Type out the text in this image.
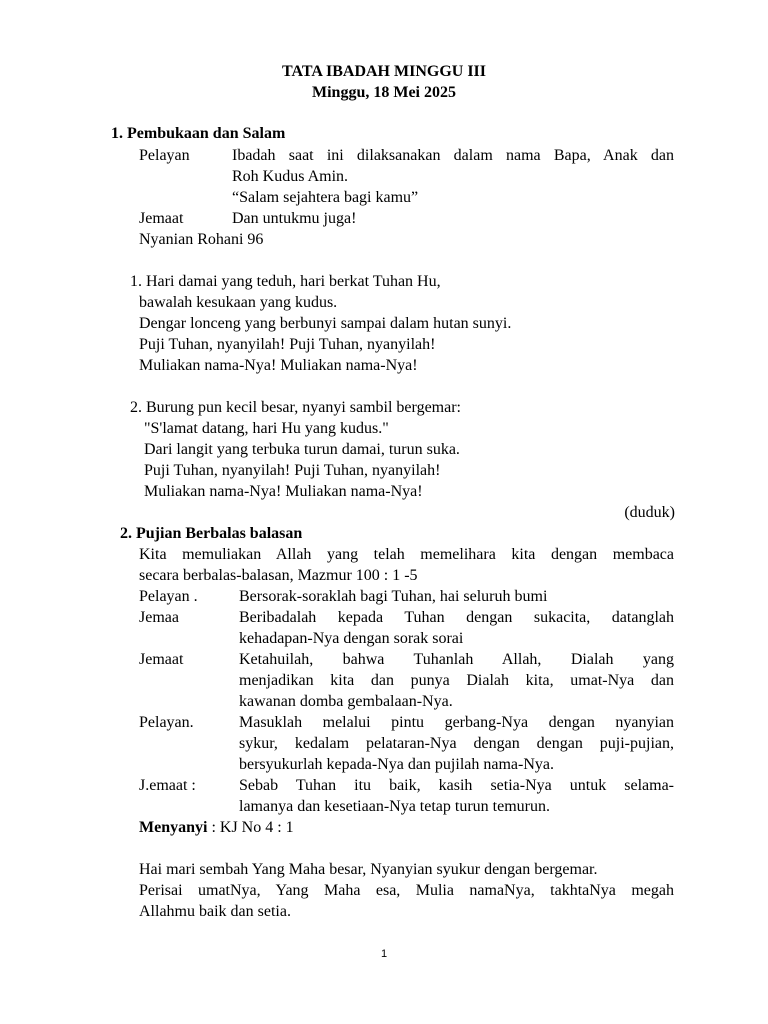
TATA IBADAH MINGGU III
Minggu, 18 Mei 2025
1. Pembukaan dan Salam
Pelayan	Ibadah saat ini dilaksanakan dalam nama Bapa, Anak dan
Roh Kudus Amin.
“Salam sejahtera bagi kamu”
Jemaat	Dan untukmu juga!
Nyanian Rohani 96
1. Hari damai yang teduh, hari berkat Tuhan Hu,
bawalah kesukaan yang kudus.
Dengar lonceng yang berbunyi sampai dalam hutan sunyi.
Puji Tuhan, nyanyilah! Puji Tuhan, nyanyilah!
Muliakan nama-Nya! Muliakan nama-Nya!
2. Burung pun kecil besar, nyanyi sambil bergemar:
"S'lamat datang, hari Hu yang kudus."
Dari langit yang terbuka turun damai, turun suka.
Puji Tuhan, nyanyilah! Puji Tuhan, nyanyilah!
Muliakan nama-Nya! Muliakan nama-Nya!
(duduk)
2. Pujian Berbalas balasan
Kita memuliakan Allah yang telah memelihara kita dengan membaca
secara berbalas-balasan, Mazmur 100 : 1 -5
Pelayan .	Bersorak-soraklah bagi Tuhan, hai seluruh bumi
Jemaa	Beribadalah kepada Tuhan dengan sukacita, datanglah
kehadapan-Nya dengan sorak sorai
Jemaat	Ketahuilah, bahwa Tuhanlah Allah, Dialah yang
menjadikan kita dan punya Dialah kita, umat-Nya dan
kawanan domba gembalaan-Nya.
Pelayan.	Masuklah melalui pintu gerbang-Nya dengan nyanyian
sykur, kedalam pelataran-Nya dengan dengan puji-pujian,
bersyukurlah kepada-Nya dan pujilah nama-Nya.
J.emaat :	Sebab Tuhan itu baik, kasih setia-Nya untuk selama-
lamanya dan kesetiaan-Nya tetap turun temurun.
Menyanyi : KJ No 4 : 1
Hai mari sembah Yang Maha besar, Nyanyian syukur dengan bergemar.
Perisai umatNya, Yang Maha esa, Mulia namaNya, takhtaNya megah
Allahmu baik dan setia.
1
